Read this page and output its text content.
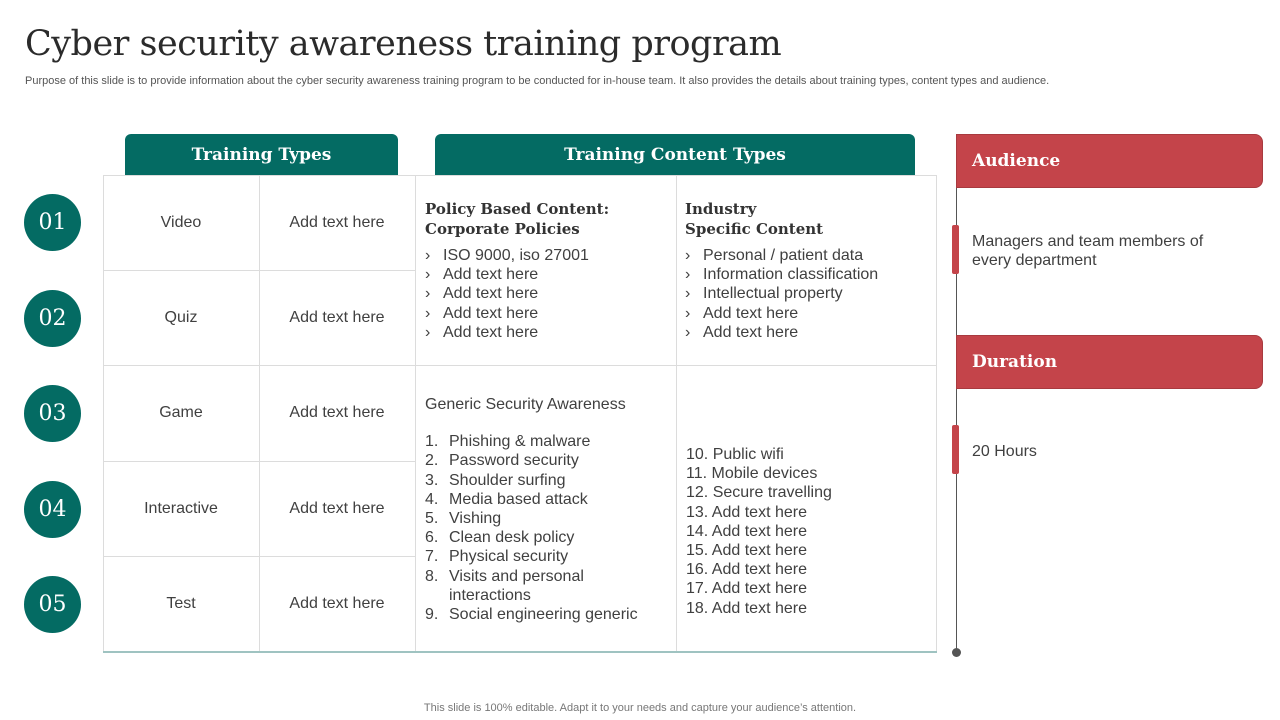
Cyber security awareness training program
Purpose of this slide is to provide information about the cyber security awareness training program to be conducted for in-house team. It also provides the details about training types, content types and audience.
Training Types	Training Content Types
01
02
03
04
05
Video
Quiz
Game
Interactive
Test
Add text here
Add text here
Add text here
Add text here
Add text here
Policy Based Content:
Corporate Policies
› ISO 9000, iso 27001
› Add text here
› Add text here
› Add text here
› Add text here
Industry
Specific Content
› Personal / patient data
› Information classification
› Intellectual property
› Add text here
› Add text here
Generic Security Awareness
1. Phishing & malware
2. Password security
3. Shoulder surfing
4. Media based attack
5. Vishing
6. Clean desk policy
7. Physical security
8. Visits and personal interactions
9. Social engineering generic
10. Public wifi
11. Mobile devices
12. Secure travelling
13. Add text here
14. Add text here
15. Add text here
16. Add text here
17. Add text here
18. Add text here
Audience
Managers and team members of every department
Duration
20 Hours
This slide is 100% editable. Adapt it to your needs and capture your audience’s attention.
